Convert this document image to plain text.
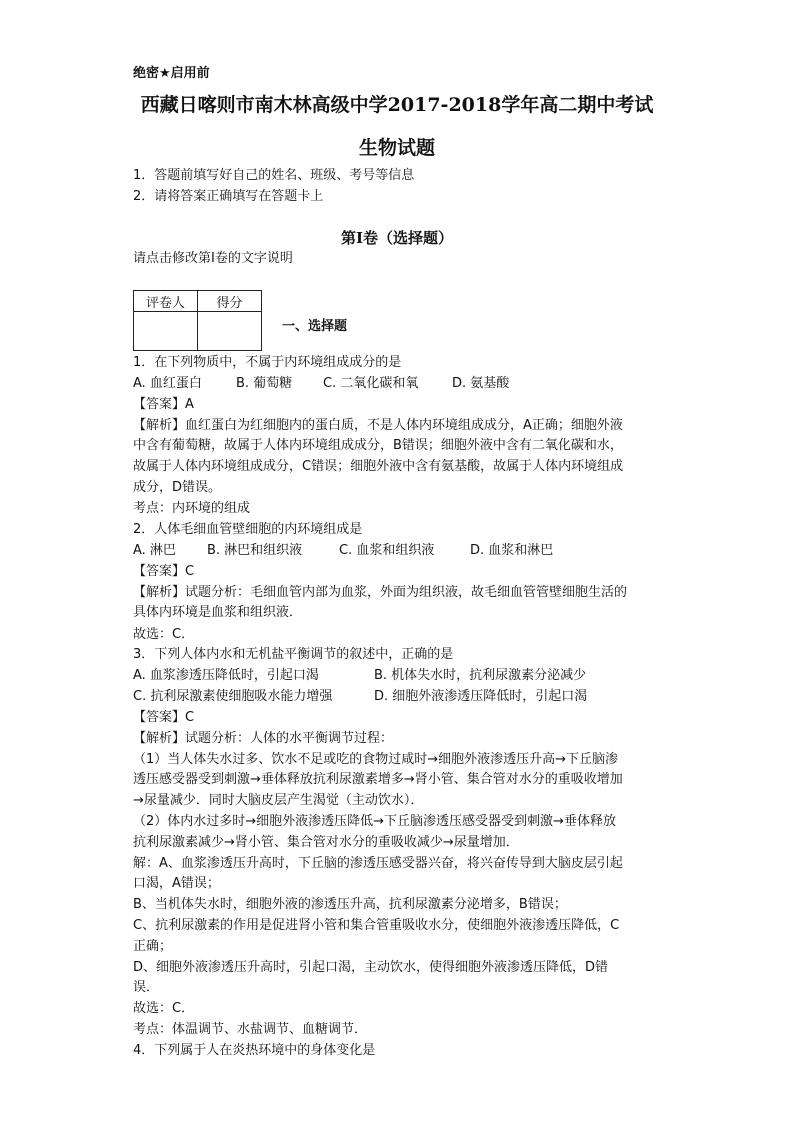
绝密★启用前
西藏日喀则市南木林高级中学2017-2018学年高二期中考试
生物试题
1．答题前填写好自己的姓名、班级、考号等信息
2．请将答案正确填写在答题卡上
第I卷（选择题）
请点击修改第I卷的文字说明
评卷人	得分

一、选择题
1．在下列物质中，不属于内环境组成成分的是
A. 血红蛋白	B. 葡萄糖 C. 二氧化碳和氧	D. 氨基酸
【答案】A
【解析】血红蛋白为红细胞内的蛋白质，不是人体内环境组成成分，A正确；细胞外液
中含有葡萄糖，故属于人体内环境组成成分，B错误；细胞外液中含有二氧化碳和水，
故属于人体内环境组成成分，C错误；细胞外液中含有氨基酸，故属于人体内环境组成
成分，D错误。
考点：内环境的组成
2．人体毛细血管壁细胞的内环境组成是
A. 淋巴 B. 淋巴和组织液	C. 血浆和组织液	D. 血浆和淋巴
【答案】C
【解析】试题分析：毛细血管内部为血浆，外面为组织液，故毛细血管管壁细胞生活的
具体内环境是血浆和组织液．
故选：C．
3．下列人体内水和无机盐平衡调节的叙述中，正确的是
A. 血浆渗透压降低时，引起口渴	B. 机体失水时，抗利尿激素分泌减少
C. 抗利尿激素使细胞吸水能力增强	D. 细胞外液渗透压降低时，引起口渴
【答案】C
【解析】试题分析：人体的水平衡调节过程：
（1）当人体失水过多、饮水不足或吃的食物过咸时→细胞外液渗透压升高→下丘脑渗
透压感受器受到刺激→垂体释放抗利尿激素增多→肾小管、集合管对水分的重吸收增加
→尿量减少．同时大脑皮层产生渴觉（主动饮水）．
（2）体内水过多时→细胞外液渗透压降低→下丘脑渗透压感受器受到刺激→垂体释放
抗利尿激素减少→肾小管、集合管对水分的重吸收减少→尿量增加．
解：A、血浆渗透压升高时，下丘脑的渗透压感受器兴奋，将兴奋传导到大脑皮层引起
口渴，A错误；
B、当机体失水时，细胞外液的渗透压升高，抗利尿激素分泌增多，B错误；
C、抗利尿激素的作用是促进肾小管和集合管重吸收水分，使细胞外液渗透压降低，C
正确；
D、细胞外液渗透压升高时，引起口渴，主动饮水，使得细胞外液渗透压降低，D错
误．
故选：C．
考点：体温调节、水盐调节、血糖调节．
4．下列属于人在炎热环境中的身体变化是
